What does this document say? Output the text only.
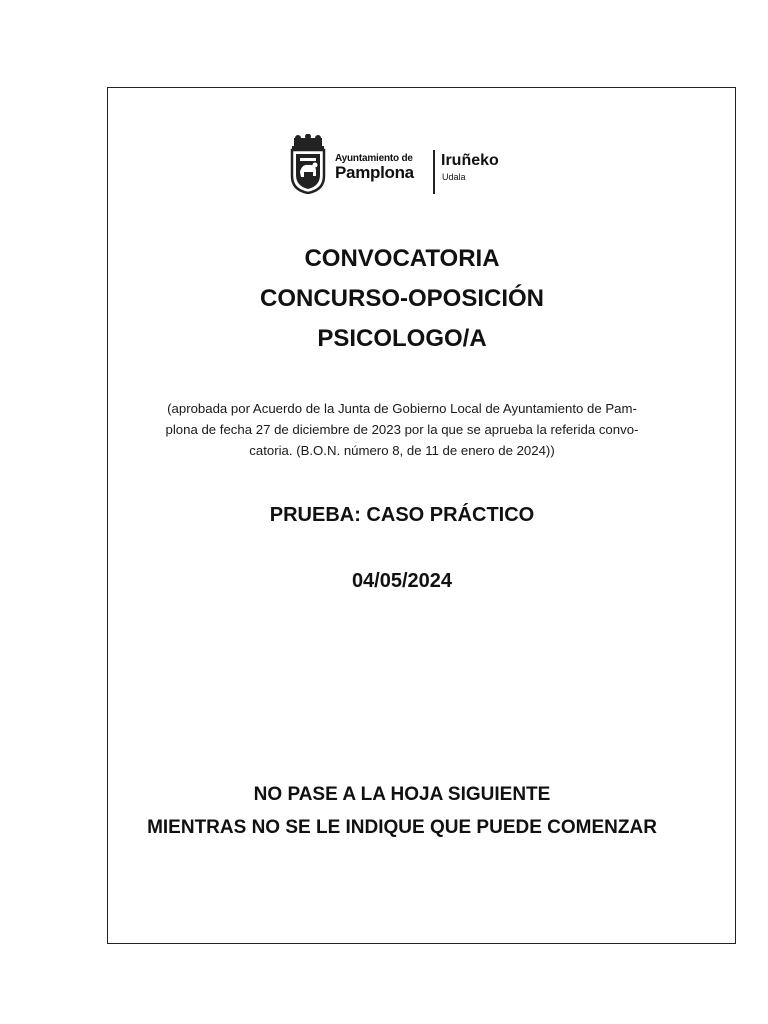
Ayuntamiento de
Pamplona
Iruñeko
Udala
CONVOCATORIA
CONCURSO-OPOSICIÓN
PSICOLOGO/A
(aprobada por Acuerdo de la Junta de Gobierno Local de Ayuntamiento de Pam-
plona de fecha 27 de diciembre de 2023 por la que se aprueba la referida convo-
catoria. (B.O.N. número 8, de 11 de enero de 2024))
PRUEBA: CASO PRÁCTICO
04/05/2024
NO PASE A LA HOJA SIGUIENTE
MIENTRAS NO SE LE INDIQUE QUE PUEDE COMENZAR
